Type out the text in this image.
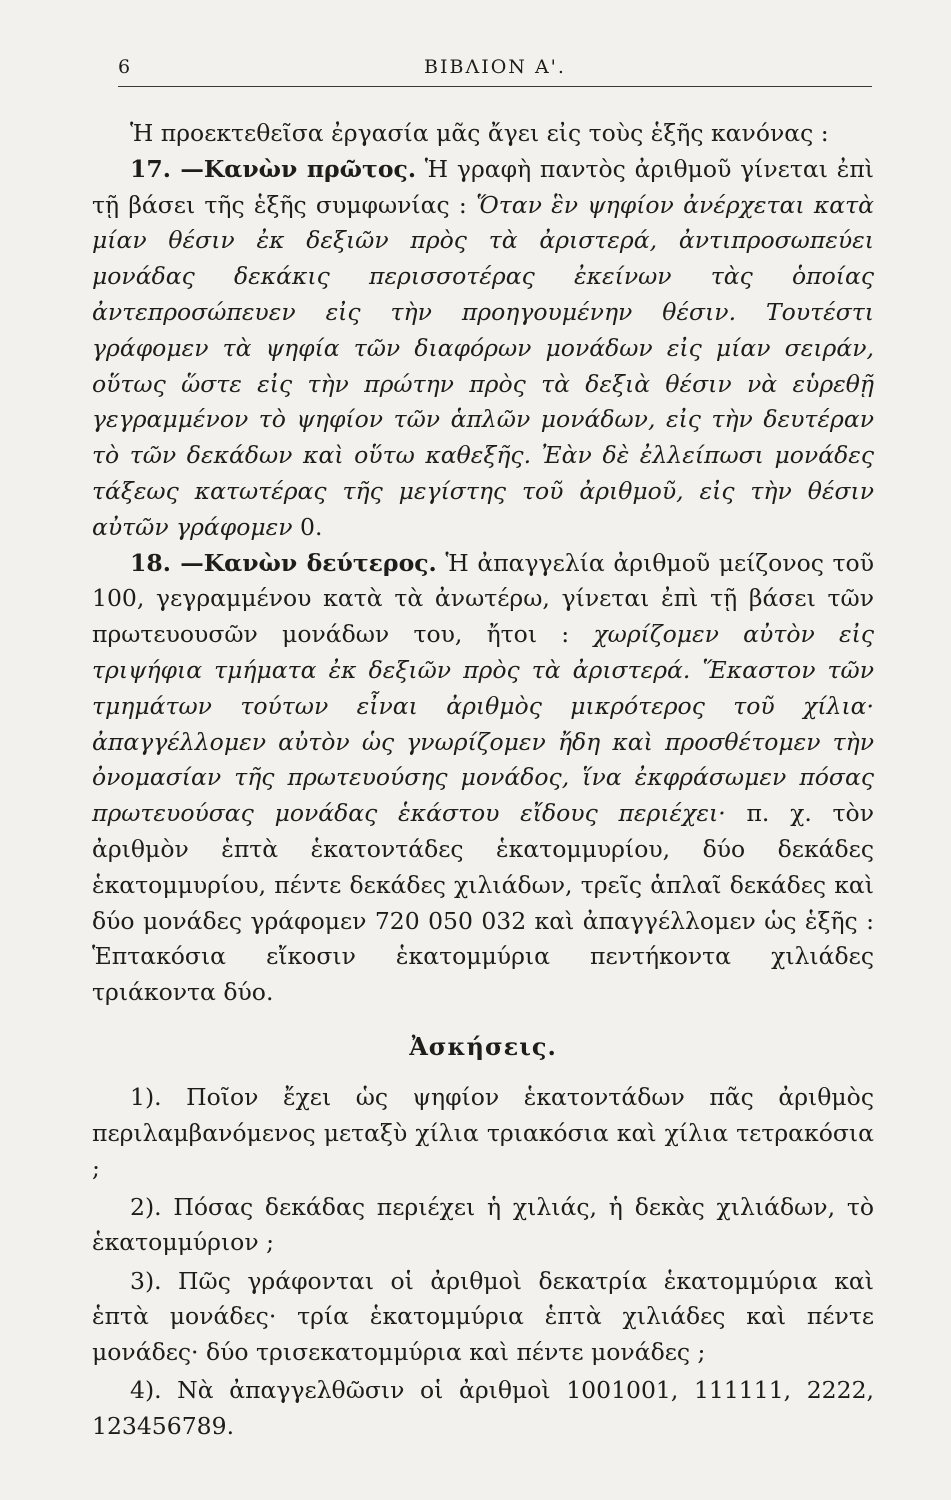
6	ΒΙΒΛΙΟΝ Α'.

Ἡ προεκτεθεῖσα ἐργασία μᾶς ἄγει εἰς τοὺς ἑξῆς κανόνας :

17. —Κανὼν πρῶτος. Ἡ γραφὴ παντὸς ἀριθμοῦ γίνεται ἐπὶ τῇ βάσει τῆς ἑξῆς συμφωνίας : Ὅταν ἓν ψηφίον ἀνέρχεται κατὰ μίαν θέσιν ἐκ δεξιῶν πρὸς τὰ ἀριστερά, ἀντιπροσωπεύει μονάδας δεκάκις περισσοτέρας ἐκείνων τὰς ὁποίας ἀντεπροσώπευεν εἰς τὴν προηγουμένην θέσιν. Τουτέστι γράφομεν τὰ ψηφία τῶν διαφόρων μονάδων εἰς μίαν σειράν, οὕτως ὥστε εἰς τὴν πρώτην πρὸς τὰ δεξιὰ θέσιν νὰ εὑρεθῇ γεγραμμένον τὸ ψηφίον τῶν ἁπλῶν μονάδων, εἰς τὴν δευτέραν τὸ τῶν δεκάδων καὶ οὕτω καθεξῆς. Ἐὰν δὲ ἐλλείπωσι μονάδες τάξεως κατωτέρας τῆς μεγίστης τοῦ ἀριθμοῦ, εἰς τὴν θέσιν αὐτῶν γράφομεν 0.

18. —Κανὼν δεύτερος. Ἡ ἀπαγγελία ἀριθμοῦ μείζονος τοῦ 100, γεγραμμένου κατὰ τὰ ἀνωτέρω, γίνεται ἐπὶ τῇ βάσει τῶν πρωτευουσῶν μονάδων του, ἤτοι : χωρίζομεν αὐτὸν εἰς τριψήφια τμήματα ἐκ δεξιῶν πρὸς τὰ ἀριστερά. Ἕκαστον τῶν τμημάτων τούτων εἶναι ἀριθμὸς μικρότερος τοῦ χίλια· ἀπαγγέλλομεν αὐτὸν ὡς γνωρίζομεν ἤδη καὶ προσθέτομεν τὴν ὀνομασίαν τῆς πρωτευούσης μονάδος, ἵνα ἐκφράσωμεν πόσας πρωτευούσας μονάδας ἑκάστου εἴδους περιέχει· π. χ. τὸν ἀριθμὸν ἑπτὰ ἑκατοντάδες ἑκατομμυρίου, δύο δεκάδες ἑκατομμυρίου, πέντε δεκάδες χιλιάδων, τρεῖς ἁπλαῖ δεκάδες καὶ δύο μονάδες γράφομεν 720 050 032 καὶ ἀπαγγέλλομεν ὡς ἑξῆς : Ἑπτακόσια εἴκοσιν ἑκατομμύρια πεντήκοντα χιλιάδες τριάκοντα δύο.

Ἀσκήσεις.

1). Ποῖον ἔχει ὡς ψηφίον ἑκατοντάδων πᾶς ἀριθμὸς περιλαμβανόμενος μεταξὺ χίλια τριακόσια καὶ χίλια τετρακόσια ;

2). Πόσας δεκάδας περιέχει ἡ χιλιάς, ἡ δεκὰς χιλιάδων, τὸ ἑκατομμύριον ;

3). Πῶς γράφονται οἱ ἀριθμοὶ δεκατρία ἑκατομμύρια καὶ ἑπτὰ μονάδες· τρία ἑκατομμύρια ἑπτὰ χιλιάδες καὶ πέντε μονάδες· δύο τρισεκατομμύρια καὶ πέντε μονάδες ;

4). Νὰ ἀπαγγελθῶσιν οἱ ἀριθμοὶ 1001001, 111111, 2222, 123456789.
